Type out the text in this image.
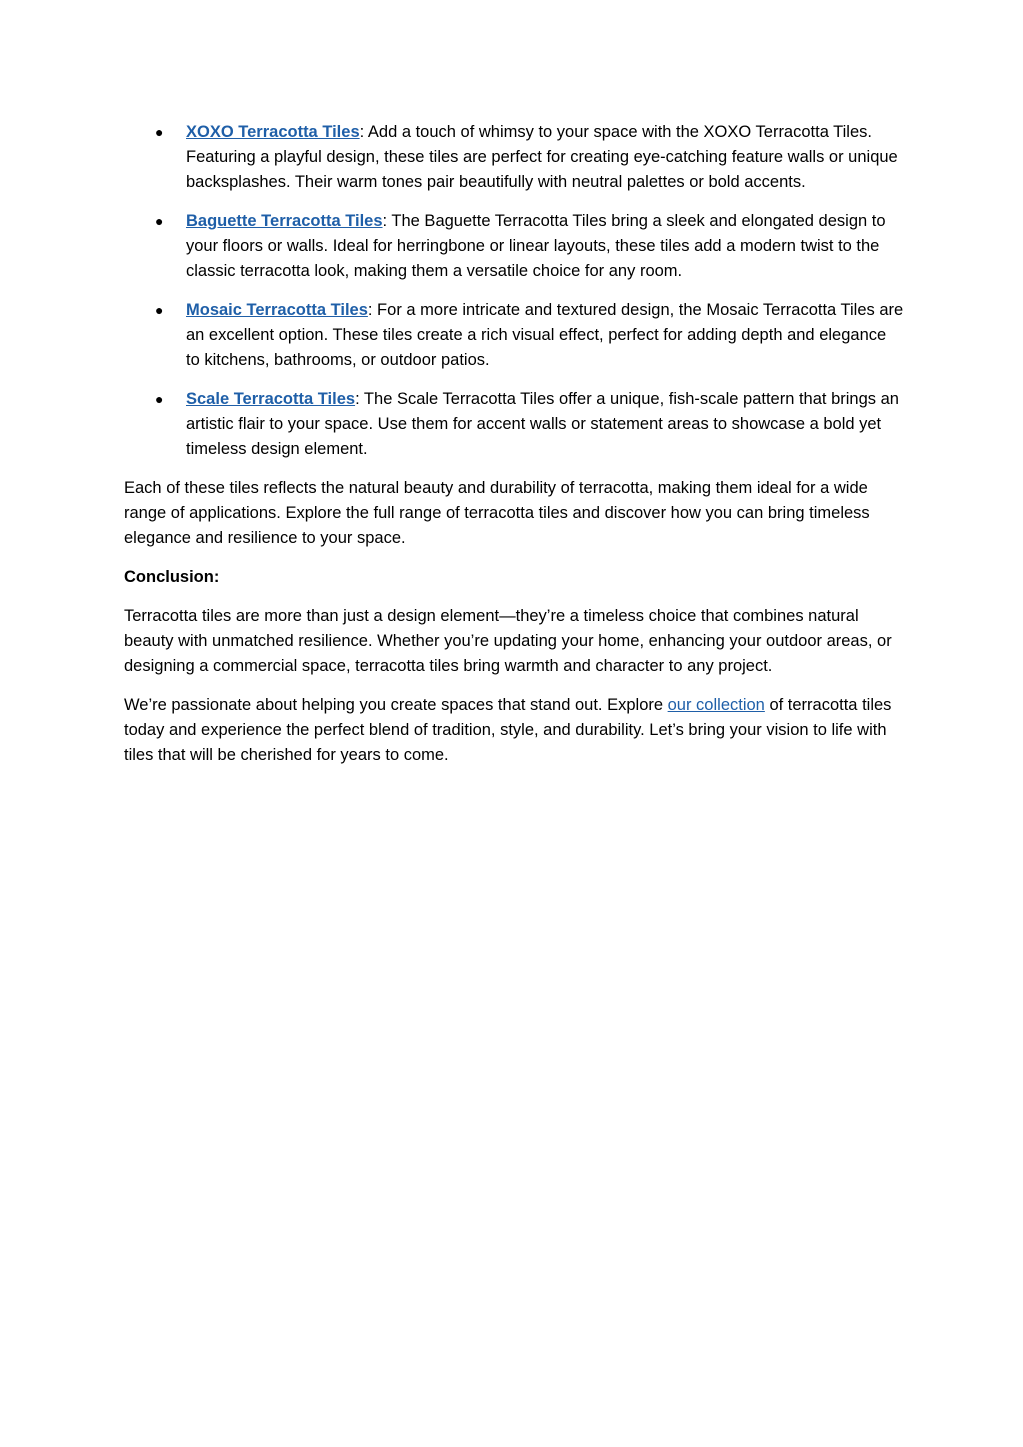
● XOXO Terracotta Tiles: Add a touch of whimsy to your space with the XOXO Terracotta Tiles. Featuring a playful design, these tiles are perfect for creating eye-catching feature walls or unique backsplashes. Their warm tones pair beautifully with neutral palettes or bold accents.
● Baguette Terracotta Tiles: The Baguette Terracotta Tiles bring a sleek and elongated design to your floors or walls. Ideal for herringbone or linear layouts, these tiles add a modern twist to the classic terracotta look, making them a versatile choice for any room.
● Mosaic Terracotta Tiles: For a more intricate and textured design, the Mosaic Terracotta Tiles are an excellent option. These tiles create a rich visual effect, perfect for adding depth and elegance to kitchens, bathrooms, or outdoor patios.
● Scale Terracotta Tiles: The Scale Terracotta Tiles offer a unique, fish-scale pattern that brings an artistic flair to your space. Use them for accent walls or statement areas to showcase a bold yet timeless design element.

Each of these tiles reflects the natural beauty and durability of terracotta, making them ideal for a wide range of applications. Explore the full range of terracotta tiles and discover how you can bring timeless elegance and resilience to your space.

Conclusion:

Terracotta tiles are more than just a design element—they’re a timeless choice that combines natural beauty with unmatched resilience. Whether you’re updating your home, enhancing your outdoor areas, or designing a commercial space, terracotta tiles bring warmth and character to any project.

We’re passionate about helping you create spaces that stand out. Explore our collection of terracotta tiles today and experience the perfect blend of tradition, style, and durability. Let’s bring your vision to life with tiles that will be cherished for years to come.
